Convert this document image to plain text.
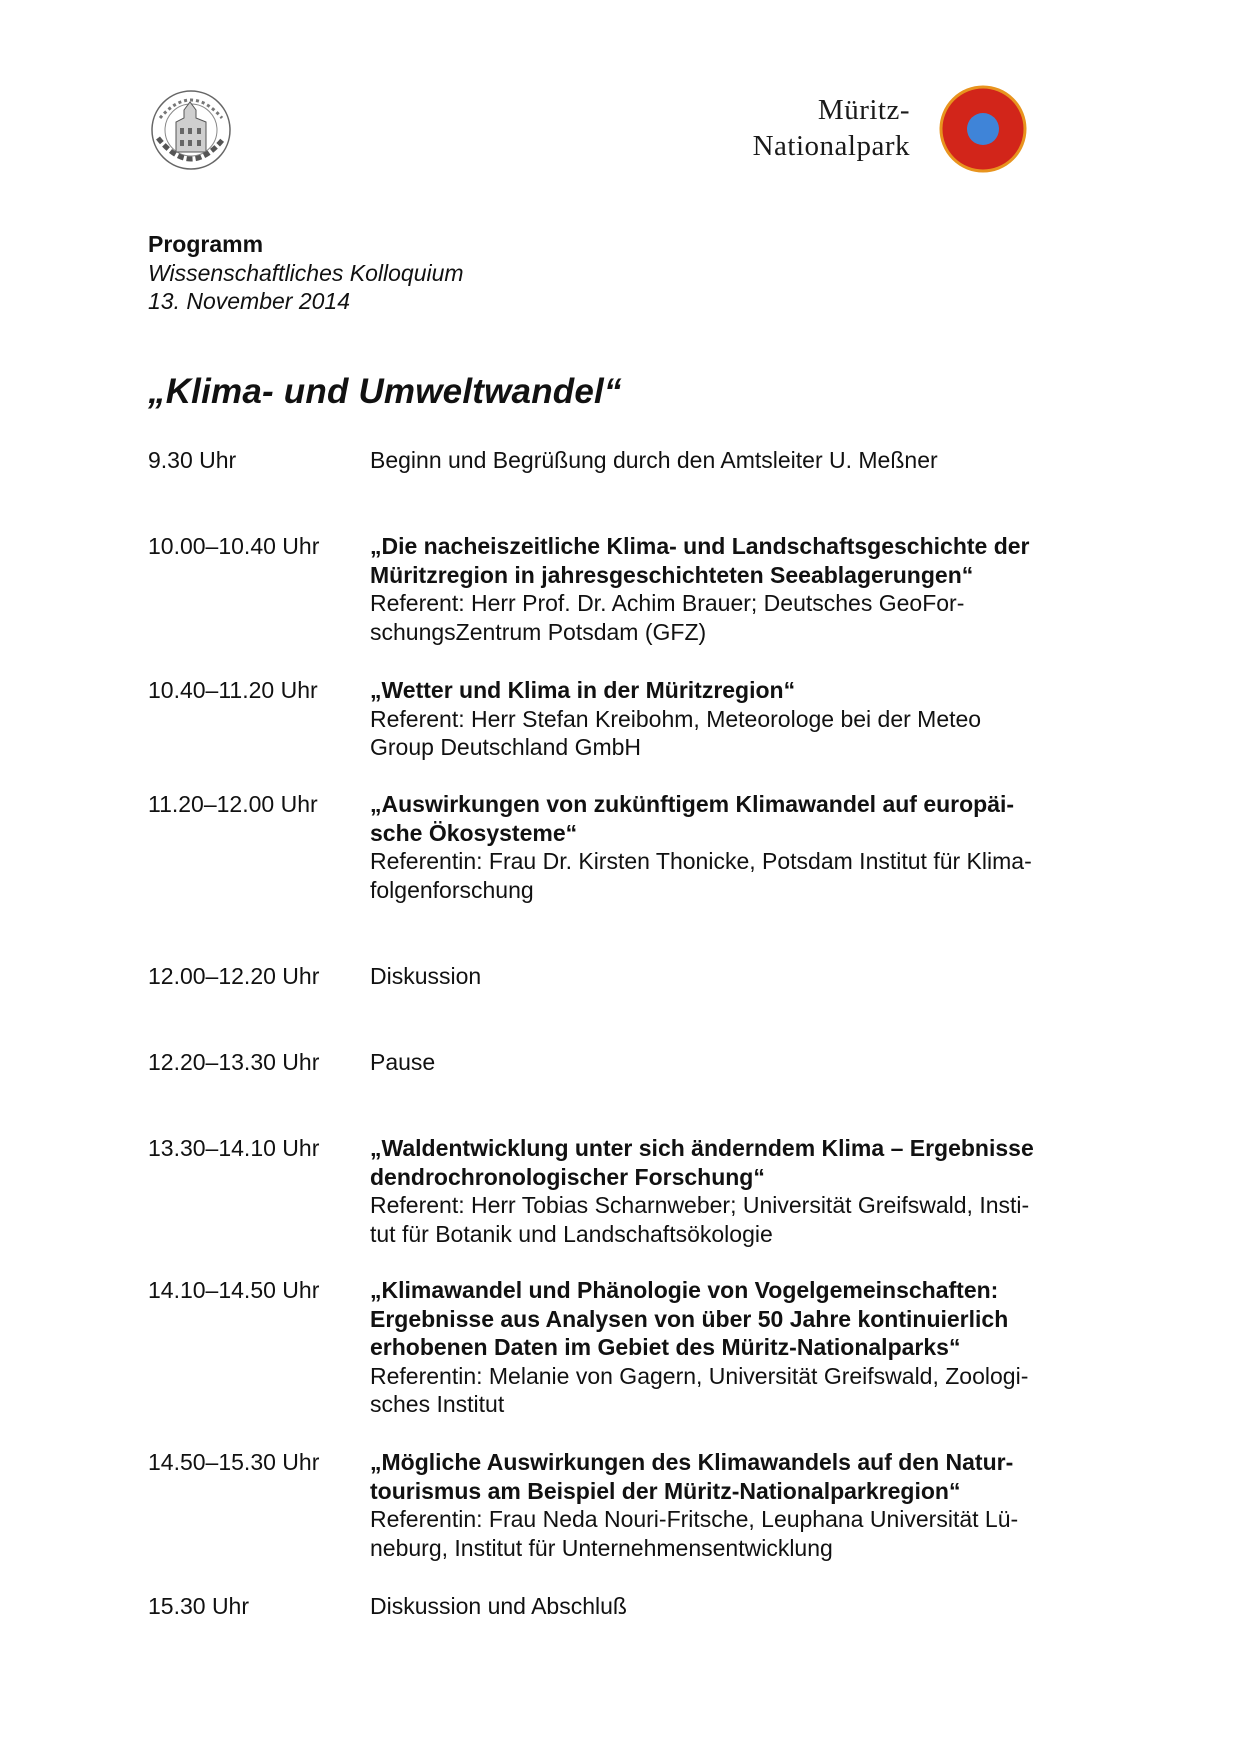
Müritz-
Nationalpark
Programm
Wissenschaftliches Kolloquium
13. November 2014
„Klima- und Umweltwandel“
9.30 Uhr	Beginn und Begrüßung durch den Amtsleiter U. Meßner
10.00–10.40 Uhr	„Die nacheiszeitliche Klima- und Landschaftsgeschichte der
Müritzregion in jahresgeschichteten Seeablagerungen“
Referent: Herr Prof. Dr. Achim Brauer; Deutsches GeoFor-
schungsZentrum Potsdam (GFZ)
10.40–11.20 Uhr	„Wetter und Klima in der Müritzregion“
Referent: Herr Stefan Kreibohm, Meteorologe bei der Meteo
Group Deutschland GmbH
11.20–12.00 Uhr	„Auswirkungen von zukünftigem Klimawandel auf europäi-
sche Ökosysteme“
Referentin: Frau Dr. Kirsten Thonicke, Potsdam Institut für Klima-
folgenforschung
12.00–12.20 Uhr	Diskussion
12.20–13.30 Uhr	Pause
13.30–14.10 Uhr	„Waldentwicklung unter sich änderndem Klima – Ergebnisse
dendrochronologischer Forschung“
Referent: Herr Tobias Scharnweber; Universität Greifswald, Insti-
tut für Botanik und Landschaftsökologie
14.10–14.50 Uhr	„Klimawandel und Phänologie von Vogelgemeinschaften:
Ergebnisse aus Analysen von über 50 Jahre kontinuierlich
erhobenen Daten im Gebiet des Müritz-Nationalparks“
Referentin: Melanie von Gagern, Universität Greifswald, Zoologi-
sches Institut
14.50–15.30 Uhr	„Mögliche Auswirkungen des Klimawandels auf den Natur-
tourismus am Beispiel der Müritz-Nationalparkregion“
Referentin: Frau Neda Nouri-Fritsche, Leuphana Universität Lü-
neburg, Institut für Unternehmensentwicklung
15.30 Uhr	Diskussion und Abschluß
